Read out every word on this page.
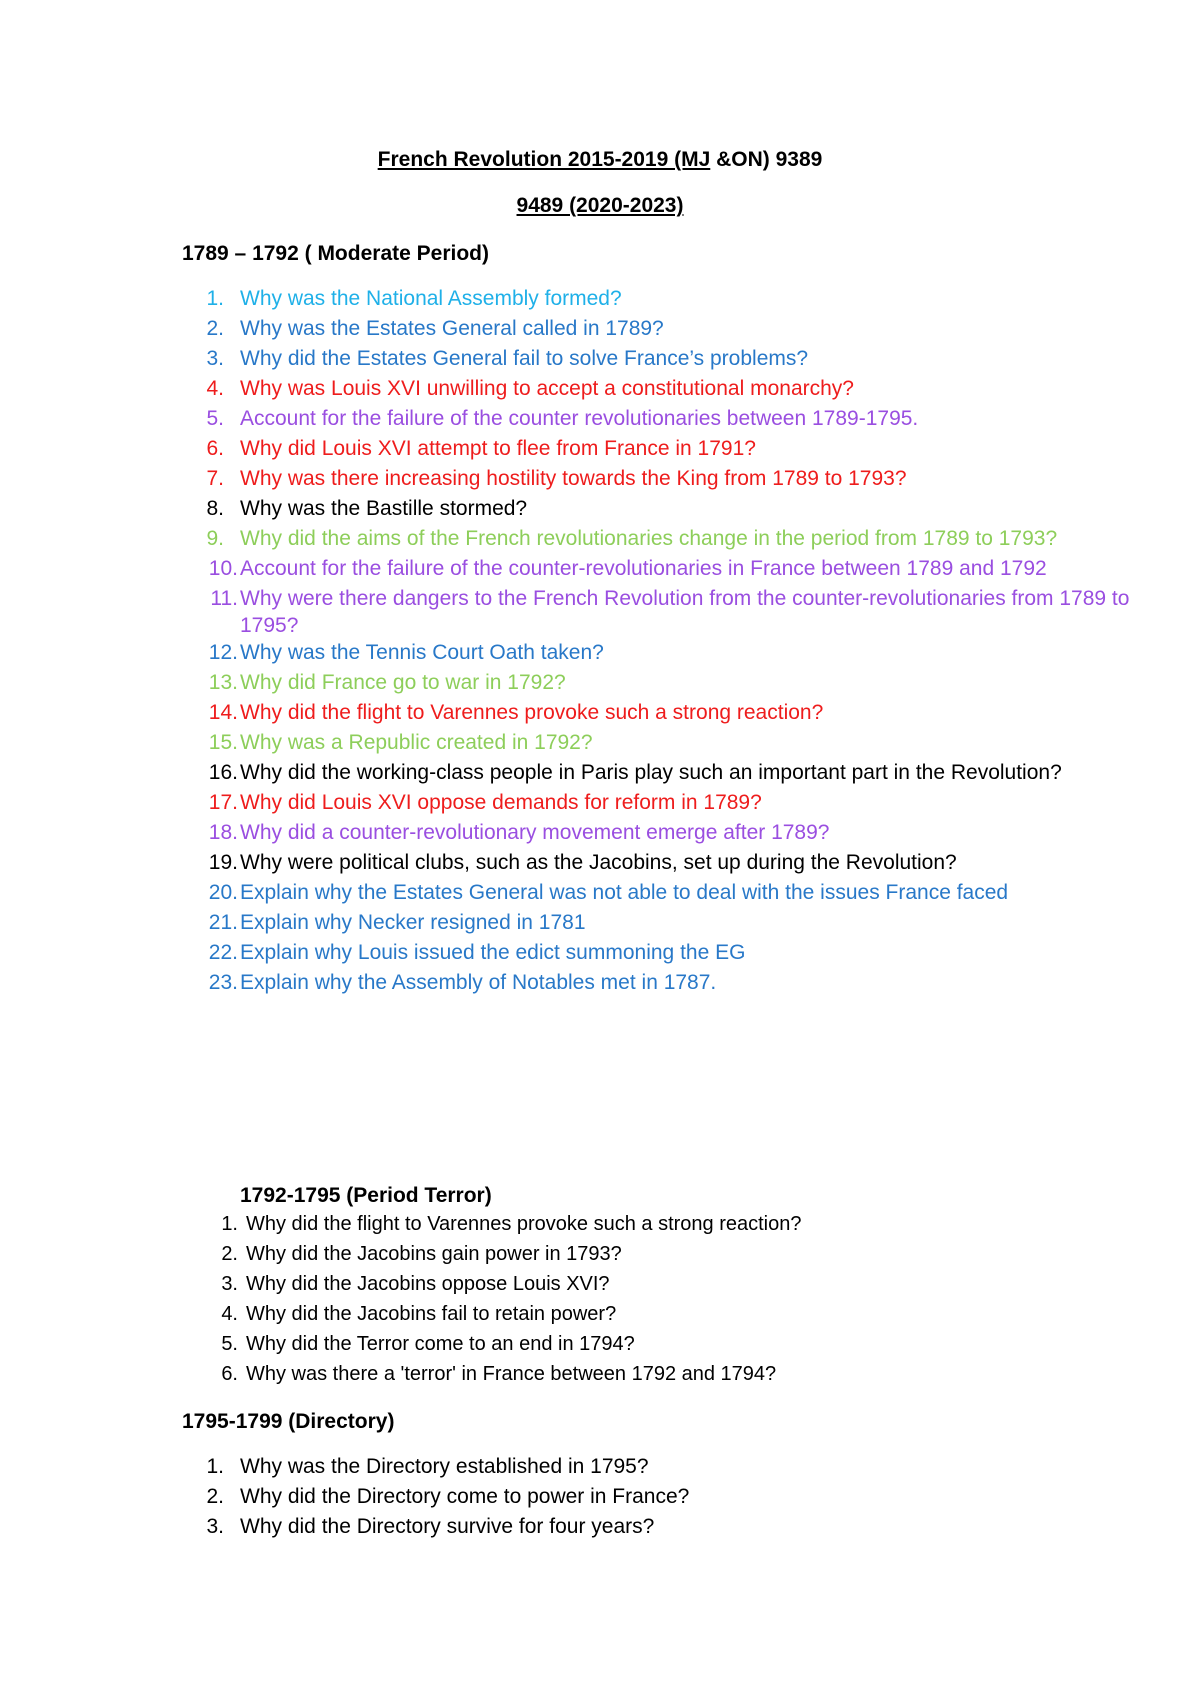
French Revolution 2015-2019 (MJ &ON) 9389
9489 (2020-2023)
1789 – 1792 ( Moderate Period)
1. Why was the National Assembly formed?
2. Why was the Estates General called in 1789?
3. Why did the Estates General fail to solve France’s problems?
4. Why was Louis XVI unwilling to accept a constitutional monarchy?
5. Account for the failure of the counter revolutionaries between 1789-1795.
6. Why did Louis XVI attempt to flee from France in 1791?
7. Why was there increasing hostility towards the King from 1789 to 1793?
8. Why was the Bastille stormed?
9. Why did the aims of the French revolutionaries change in the period from 1789 to 1793?
10. Account for the failure of the counter-revolutionaries in France between 1789 and 1792
11. Why were there dangers to the French Revolution from the counter-revolutionaries from 1789 to 1795?
12. Why was the Tennis Court Oath taken?
13. Why did France go to war in 1792?
14. Why did the flight to Varennes provoke such a strong reaction?
15. Why was a Republic created in 1792?
16. Why did the working-class people in Paris play such an important part in the Revolution?
17. Why did Louis XVI oppose demands for reform in 1789?
18. Why did a counter-revolutionary movement emerge after 1789?
19. Why were political clubs, such as the Jacobins, set up during the Revolution?
20. Explain why the Estates General was not able to deal with the issues France faced
21. Explain why Necker resigned in 1781
22. Explain why Louis issued the edict summoning the EG
23. Explain why the Assembly of Notables met in 1787.
1792-1795 (Period Terror)
1. Why did the flight to Varennes provoke such a strong reaction?
2. Why did the Jacobins gain power in 1793?
3. Why did the Jacobins oppose Louis XVI?
4. Why did the Jacobins fail to retain power?
5. Why did the Terror come to an end in 1794?
6. Why was there a 'terror' in France between 1792 and 1794?
1795-1799 (Directory)
1. Why was the Directory established in 1795?
2. Why did the Directory come to power in France?
3. Why did the Directory survive for four years?
